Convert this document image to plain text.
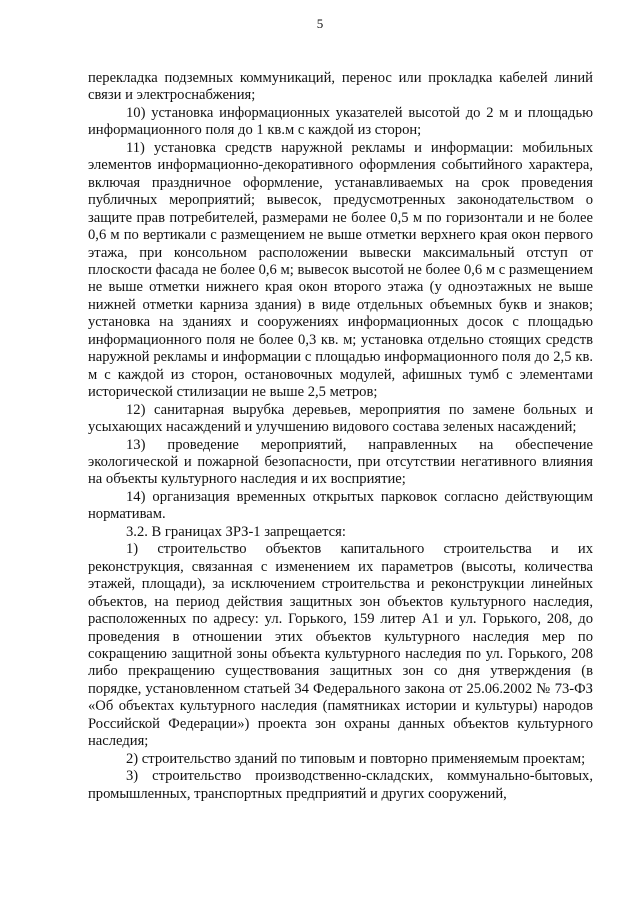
5

перекладка подземных коммуникаций, перенос или прокладка кабелей линий связи и электроснабжения;

10) установка информационных указателей высотой до 2 м и площадью информационного поля до 1 кв.м с каждой из сторон;

11) установка средств наружной рекламы и информации: мобильных элементов информационно-декоративного оформления событийного характера, включая праздничное оформление, устанавливаемых на срок проведения публичных мероприятий; вывесок, предусмотренных законодательством о защите прав потребителей, размерами не более 0,5 м по горизонтали и не более 0,6 м по вертикали с размещением не выше отметки верхнего края окон первого этажа, при консольном расположении вывески максимальный отступ от плоскости фасада не более 0,6 м; вывесок высотой не более 0,6 м с размещением не выше отметки нижнего края окон второго этажа (у одноэтажных не выше нижней отметки карниза здания) в виде отдельных объемных букв и знаков; установка на зданиях и сооружениях информационных досок с площадью информационного поля не более 0,3 кв. м; установка отдельно стоящих средств наружной рекламы и информации с площадью информационного поля до 2,5 кв. м с каждой из сторон, остановочных модулей, афишных тумб с элементами исторической стилизации не выше 2,5 метров;

12) санитарная вырубка деревьев, мероприятия по замене больных и усыхающих насаждений и улучшению видового состава зеленых насаждений;

13) проведение мероприятий, направленных на обеспечение экологической и пожарной безопасности, при отсутствии негативного влияния на объекты культурного наследия и их восприятие;

14) организация временных открытых парковок согласно действующим нормативам.

3.2. В границах ЗРЗ-1 запрещается:

1) строительство объектов капитального строительства и их реконструкция, связанная с изменением их параметров (высоты, количества этажей, площади), за исключением строительства и реконструкции линейных объектов, на период действия защитных зон объектов культурного наследия, расположенных по адресу: ул. Горького, 159 литер А1 и ул. Горького, 208, до проведения в отношении этих объектов культурного наследия мер по сокращению защитной зоны объекта культурного наследия по ул. Горького, 208 либо прекращению существования защитных зон со дня утверждения (в порядке, установленном статьей 34 Федерального закона от 25.06.2002 № 73-ФЗ «Об объектах культурного наследия (памятниках истории и культуры) народов Российской Федерации») проекта зон охраны данных объектов культурного наследия;

2) строительство зданий по типовым и повторно применяемым проектам;

3) строительство производственно-складских, коммунально-бытовых, промышленных, транспортных предприятий и других сооружений,
